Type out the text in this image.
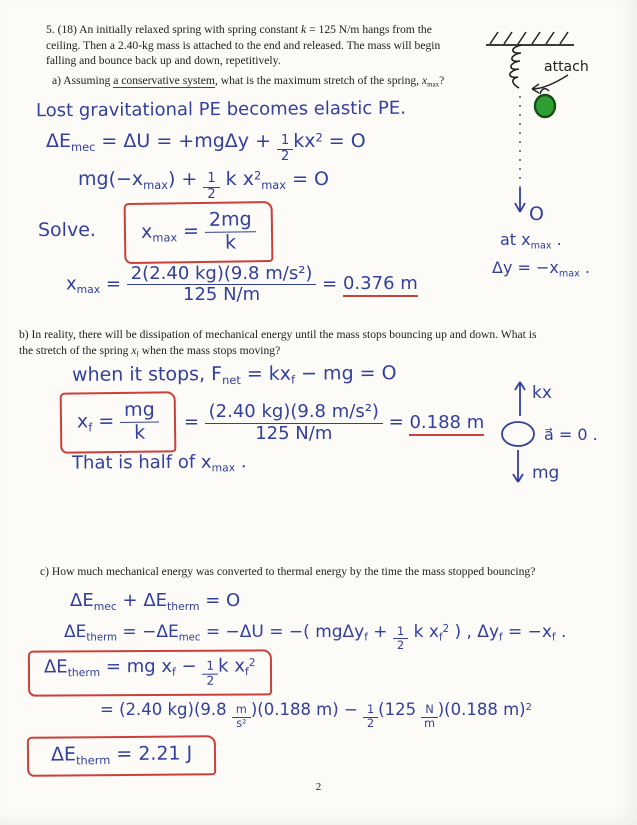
5. (18) An initially relaxed spring with spring constant k = 125 N/m hangs from the
ceiling. Then a 2.40-kg mass is attached to the end and released. The mass will begin
falling and bounce back up and down, repetitively.
a) Assuming a conservative system, what is the maximum stretch of the spring, $x_{max}$?
Lost gravitational PE becomes elastic PE.
$\Delta E_{mec} = \Delta U = +mg\Delta y + \frac{1}{2} kx^2 = O$
$mg(-x_{max}) + \frac{1}{2}$ k $x^2_{max} = O$
Solve.	$x_{max} = \frac{2mg}{k}$
$x_{max} = \frac{\text{2(2.40 kg)(9.8 m/s²)}}{125 N/m} = 0.376$ m
attach
O
at $x_{max}$ .
$\Delta y = -x_{max}$ .
b) In reality, there will be dissipation of mechanical energy until the mass stops bouncing up and down. What is
the stretch of the spring $x_f$ when the mass stops moving?
when it stops, $F_{net} = kx_f$ − mg = O
$x_f = \frac{mg}{k} = \frac{\text{(2.40 kg)(9.8 m/s²)}}{125 N/m} = 0.188$ m
That is half of $x_{max}$ .
kx
a⃗ = 0 .
mg
c) How much mechanical energy was converted to thermal energy by the time the mass stopped bouncing?
$\Delta E_{mec} + \Delta E_{therm} = O$
$\Delta E_{therm} = -\Delta E_{mec} = -\Delta U$ = −( $mg\Delta y_f + \frac{1}{2}$ k $x_f^2$ ) , $\Delta y_f = -x_f$ .
$\Delta E_{therm}$ = mg $x_f - \frac{1}{2}$ k $x_f^2$
= (2.40 $kg)(9.8 \frac{m}{\text{s²}} )(0.188$ $m) - \frac{1}{2} (125 \frac{N}{m} )(0.188$ m)$^2$
$\Delta E_{therm} = 2.21$ J
2
